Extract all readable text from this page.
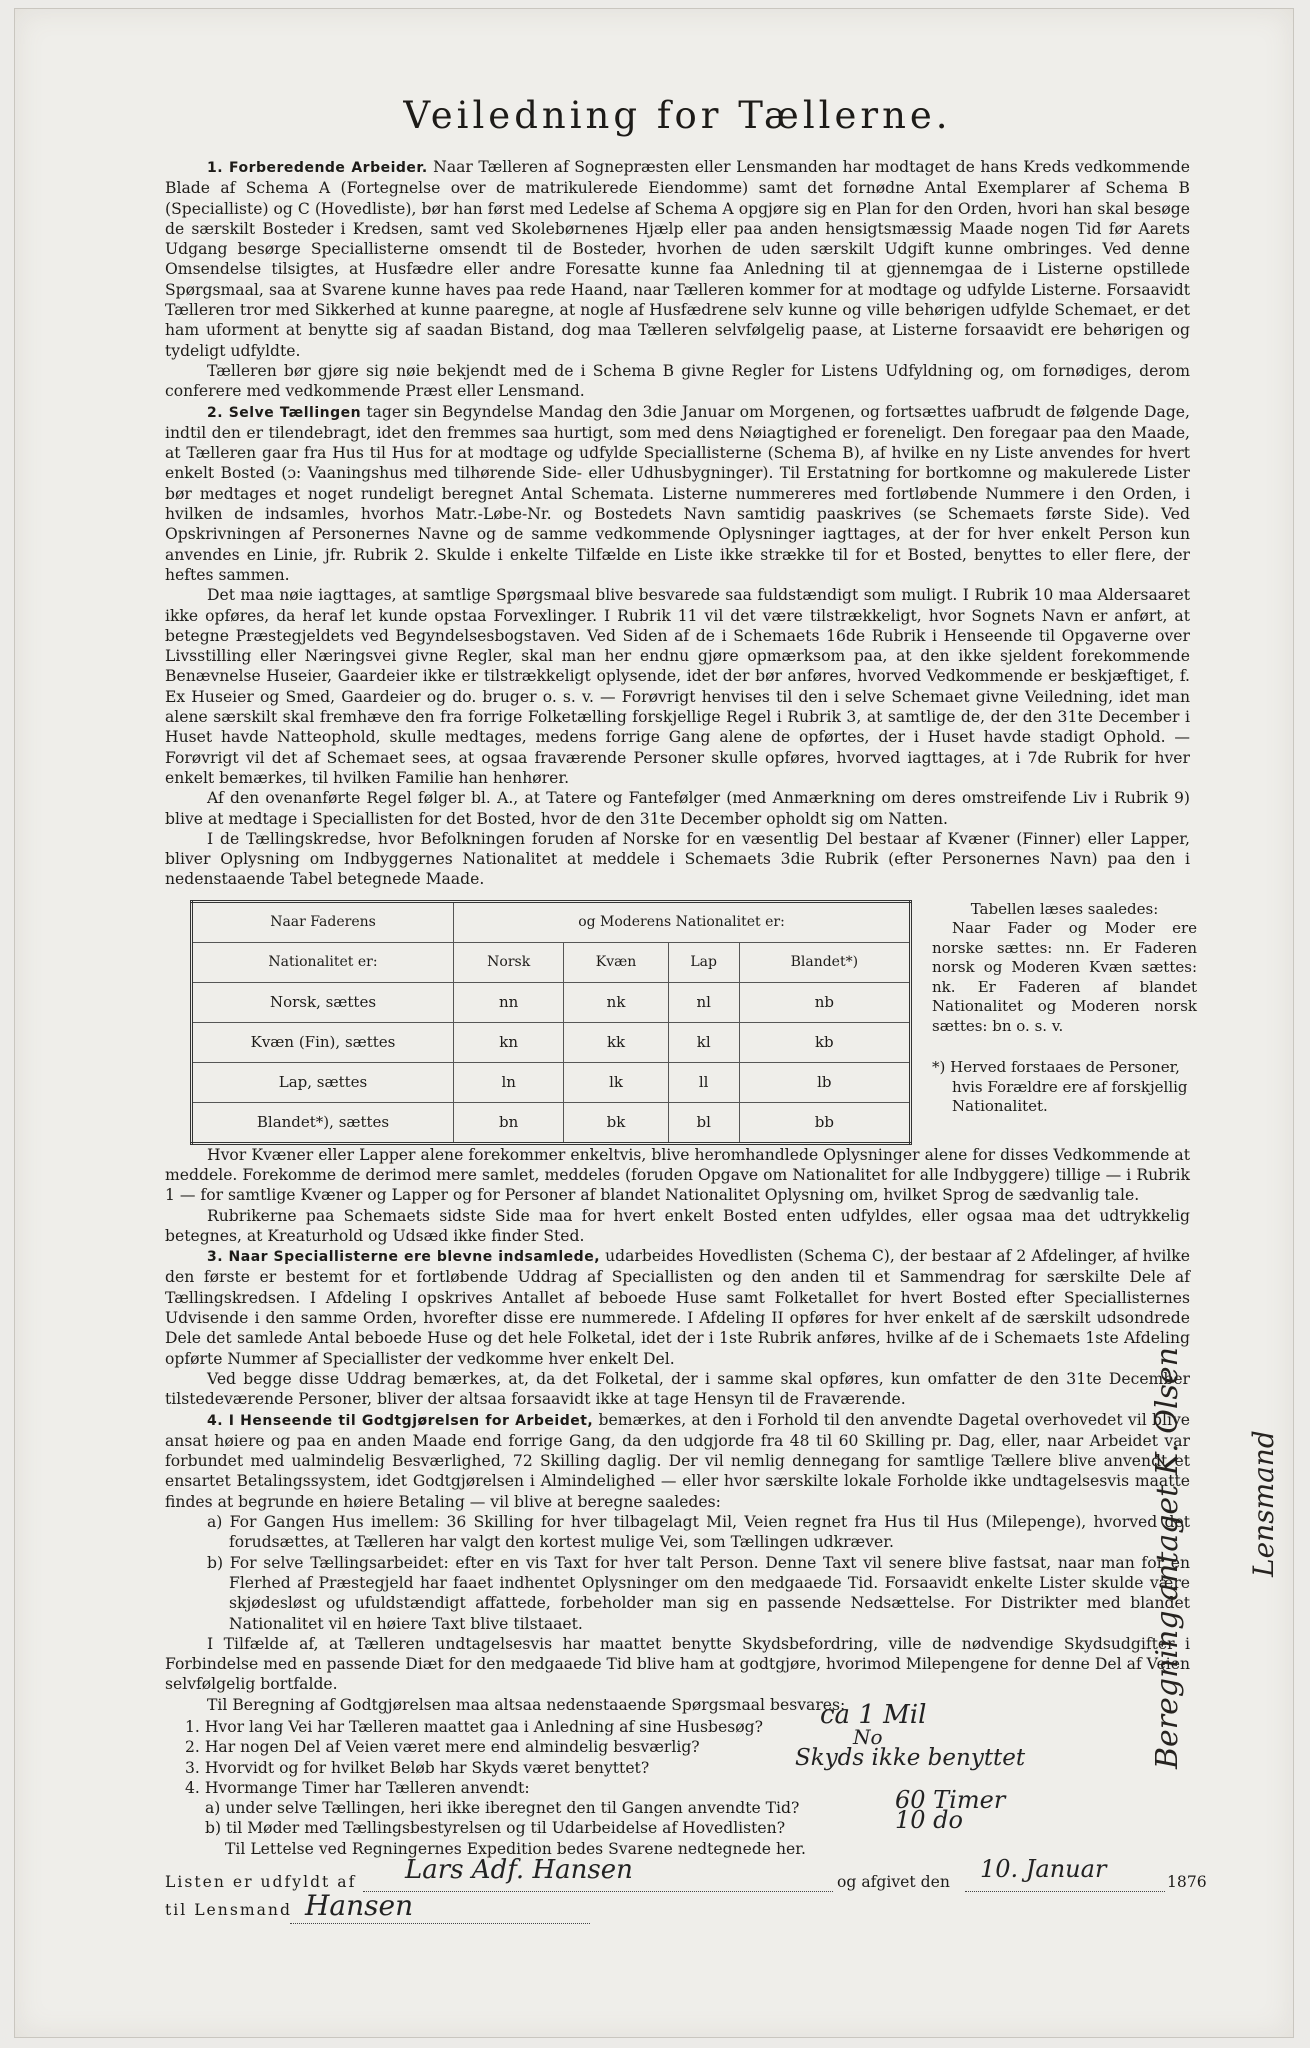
Veiledning for Tællerne.

1. Forberedende Arbeider. Naar Tælleren af Sognepræsten eller Lensmanden har modtaget de hans Kreds vedkommende Blade af Schema A (Fortegnelse over de matrikulerede Eiendomme) samt det fornødne Antal Exemplarer af Schema B (Specialliste) og C (Hovedliste), bør han først med Ledelse af Schema A opgjøre sig en Plan for den Orden, hvori han skal besøge de særskilt Bosteder i Kredsen, samt ved Skolebørnenes Hjælp eller paa anden hensigtsmæssig Maade nogen Tid før Aarets Udgang besørge Speciallisterne omsendt til de Bosteder, hvorhen de uden særskilt Udgift kunne ombringes. Ved denne Omsendelse tilsigtes, at Husfædre eller andre Foresatte kunne faa Anledning til at gjennemgaa de i Listerne opstillede Spørgsmaal, saa at Svarene kunne haves paa rede Haand, naar Tælleren kommer for at modtage og udfylde Listerne. Forsaavidt Tælleren tror med Sikkerhed at kunne paaregne, at nogle af Husfædrene selv kunne og ville behørigen udfylde Schemaet, er det ham uforment at benytte sig af saadan Bistand, dog maa Tælleren selvfølgelig paase, at Listerne forsaavidt ere behørigen og tydeligt udfyldte.

Tælleren bør gjøre sig nøie bekjendt med de i Schema B givne Regler for Listens Udfyldning og, om fornødiges, derom conferere med vedkommende Præst eller Lensmand.

2. Selve Tællingen tager sin Begyndelse Mandag den 3die Januar om Morgenen, og fortsættes uafbrudt de følgende Dage, indtil den er tilendebragt, idet den fremmes saa hurtigt, som med dens Nøiagtighed er foreneligt. Den foregaar paa den Maade, at Tælleren gaar fra Hus til Hus for at modtage og udfylde Speciallisterne (Schema B), af hvilke en ny Liste anvendes for hvert enkelt Bosted (ɔ: Vaaningshus med tilhørende Side- eller Udhusbygninger). Til Erstatning for bortkomne og makulerede Lister bør medtages et noget rundeligt beregnet Antal Schemata. Listerne nummereres med fortløbende Nummere i den Orden, i hvilken de indsamles, hvorhos Matr.-Løbe-Nr. og Bostedets Navn samtidig paaskrives (se Schemaets første Side). Ved Opskrivningen af Personernes Navne og de samme vedkommende Oplysninger iagttages, at der for hver enkelt Person kun anvendes en Linie, jfr. Rubrik 2. Skulde i enkelte Tilfælde en Liste ikke strække til for et Bosted, benyttes to eller flere, der heftes sammen.

Det maa nøie iagttages, at samtlige Spørgsmaal blive besvarede saa fuldstændigt som muligt. I Rubrik 10 maa Aldersaaret ikke opføres, da heraf let kunde opstaa Forvexlinger. I Rubrik 11 vil det være tilstrækkeligt, hvor Sognets Navn er anført, at betegne Præstegjeldets ved Begyndelsesbogstaven. Ved Siden af de i Schemaets 16de Rubrik i Henseende til Opgaverne over Livsstilling eller Næringsvei givne Regler, skal man her endnu gjøre opmærksom paa, at den ikke sjeldent forekommende Benævnelse Huseier, Gaardeier ikke er tilstrækkeligt oplysende, idet der bør anføres, hvorved Vedkommende er beskjæftiget, f. Ex Huseier og Smed, Gaardeier og do. bruger o. s. v. — Forøvrigt henvises til den i selve Schemaet givne Veiledning, idet man alene særskilt skal fremhæve den fra forrige Folketælling forskjellige Regel i Rubrik 3, at samtlige de, der den 31te December i Huset havde Natteophold, skulle medtages, medens forrige Gang alene de opførtes, der i Huset havde stadigt Ophold. — Forøvrigt vil det af Schemaet sees, at ogsaa fraværende Personer skulle opføres, hvorved iagttages, at i 7de Rubrik for hver enkelt bemærkes, til hvilken Familie han henhører.

Af den ovenanførte Regel følger bl. A., at Tatere og Fantefølger (med Anmærkning om deres omstreifende Liv i Rubrik 9) blive at medtage i Speciallisten for det Bosted, hvor de den 31te December opholdt sig om Natten.

I de Tællingskredse, hvor Befolkningen foruden af Norske for en væsentlig Del bestaar af Kvæner (Finner) eller Lapper, bliver Oplysning om Indbyggernes Nationalitet at meddele i Schemaets 3die Rubrik (efter Personernes Navn) paa den i nedenstaaende Tabel betegnede Maade.

Naar Faderens	og Moderens Nationalitet er:			
Nationalitet er:	Norsk	Kvæn	Lap	Blandet*)
Norsk, sættes	nn	nk	nl	nb
Kvæn (Fin), sættes	kn	kk	kl	kb
Lap, sættes	ln	lk	ll	lb
Blandet*), sættes	bn	bk	bl	bb
Tabellen læses saaledes:
Naar Fader og Moder ere norske sættes: nn. Er Faderen norsk og Moderen Kvæn sættes: nk. Er Faderen af blandet Nationalitet og Moderen norsk sættes: bn o. s. v.
*) Herved forstaaes de Personer, hvis Forældre ere af forskjellig Nationalitet.

Hvor Kvæner eller Lapper alene forekommer enkeltvis, blive heromhandlede Oplysninger alene for disses Vedkommende at meddele. Forekomme de derimod mere samlet, meddeles (foruden Opgave om Nationalitet for alle Indbyggere) tillige — i Rubrik 1 — for samtlige Kvæner og Lapper og for Personer af blandet Nationalitet Oplysning om, hvilket Sprog de sædvanlig tale.

Rubrikerne paa Schemaets sidste Side maa for hvert enkelt Bosted enten udfyldes, eller ogsaa maa det udtrykkelig betegnes, at Kreaturhold og Udsæd ikke finder Sted.

3. Naar Speciallisterne ere blevne indsamlede, udarbeides Hovedlisten (Schema C), der bestaar af 2 Afdelinger, af hvilke den første er bestemt for et fortløbende Uddrag af Speciallisten og den anden til et Sammendrag for særskilte Dele af Tællingskredsen. I Afdeling I opskrives Antallet af beboede Huse samt Folketallet for hvert Bosted efter Speciallisternes Udvisende i den samme Orden, hvorefter disse ere nummerede. I Afdeling II opføres for hver enkelt af de særskilt udsondrede Dele det samlede Antal beboede Huse og det hele Folketal, idet der i 1ste Rubrik anføres, hvilke af de i Schemaets 1ste Afdeling opførte Nummer af Speciallister der vedkomme hver enkelt Del.

Ved begge disse Uddrag bemærkes, at, da det Folketal, der i samme skal opføres, kun omfatter de den 31te December tilstedeværende Personer, bliver der altsaa forsaavidt ikke at tage Hensyn til de Fraværende.

4. I Henseende til Godtgjørelsen for Arbeidet, bemærkes, at den i Forhold til den anvendte Dagetal overhovedet vil blive ansat høiere og paa en anden Maade end forrige Gang, da den udgjorde fra 48 til 60 Skilling pr. Dag, eller, naar Arbeidet var forbundet med ualmindelig Besværlighed, 72 Skilling daglig. Der vil nemlig dennegang for samtlige Tællere blive anvendt et ensartet Betalingssystem, idet Godtgjørelsen i Almindelighed — eller hvor særskilte lokale Forholde ikke undtagelsesvis maatte findes at begrunde en høiere Betaling — vil blive at beregne saaledes:

a) For Gangen Hus imellem: 36 Skilling for hver tilbagelagt Mil, Veien regnet fra Hus til Hus (Milepenge), hvorved det forudsættes, at Tælleren har valgt den kortest mulige Vei, som Tællingen udkræver.

b) For selve Tællingsarbeidet: efter en vis Taxt for hver talt Person. Denne Taxt vil senere blive fastsat, naar man for en Flerhed af Præstegjeld har faaet indhentet Oplysninger om den medgaaede Tid. Forsaavidt enkelte Lister skulde være skjødesløst og ufuldstændigt affattede, forbeholder man sig en passende Nedsættelse. For Distrikter med blandet Nationalitet vil en høiere Taxt blive tilstaaet.

I Tilfælde af, at Tælleren undtagelsesvis har maattet benytte Skydsbefordring, ville de nødvendige Skydsudgifter i Forbindelse med en passende Diæt for den medgaaede Tid blive ham at godtgjøre, hvorimod Milepengene for denne Del af Veien selvfølgelig bortfalde.

Til Beregning af Godtgjørelsen maa altsaa nedenstaaende Spørgsmaal besvares:

1. Hvor lang Vei har Tælleren maattet gaa i Anledning af sine Husbesøg? ca 1 Mil
2. Har nogen Del af Veien været mere end almindelig besværlig?	No
3. Hvorvidt og for hvilket Beløb har Skyds været benyttet?	Skyds ikke benyttet
4. Hvormange Timer har Tælleren anvendt:
a) under selve Tællingen, heri ikke iberegnet den til Gangen anvendte Tid?	60 Timer
b) til Møder med Tællingsbestyrelsen og til Udarbeidelse af Hovedlisten?	10 do
Til Lettelse ved Regningernes Expedition bedes Svarene nedtegnede her.
Listen er udfyldt af Lars Adf. Hansen	og afgivet den 10. Januar	1876
til Lensmand Hansen
Beregning antaget K. Olsen Lensmand
